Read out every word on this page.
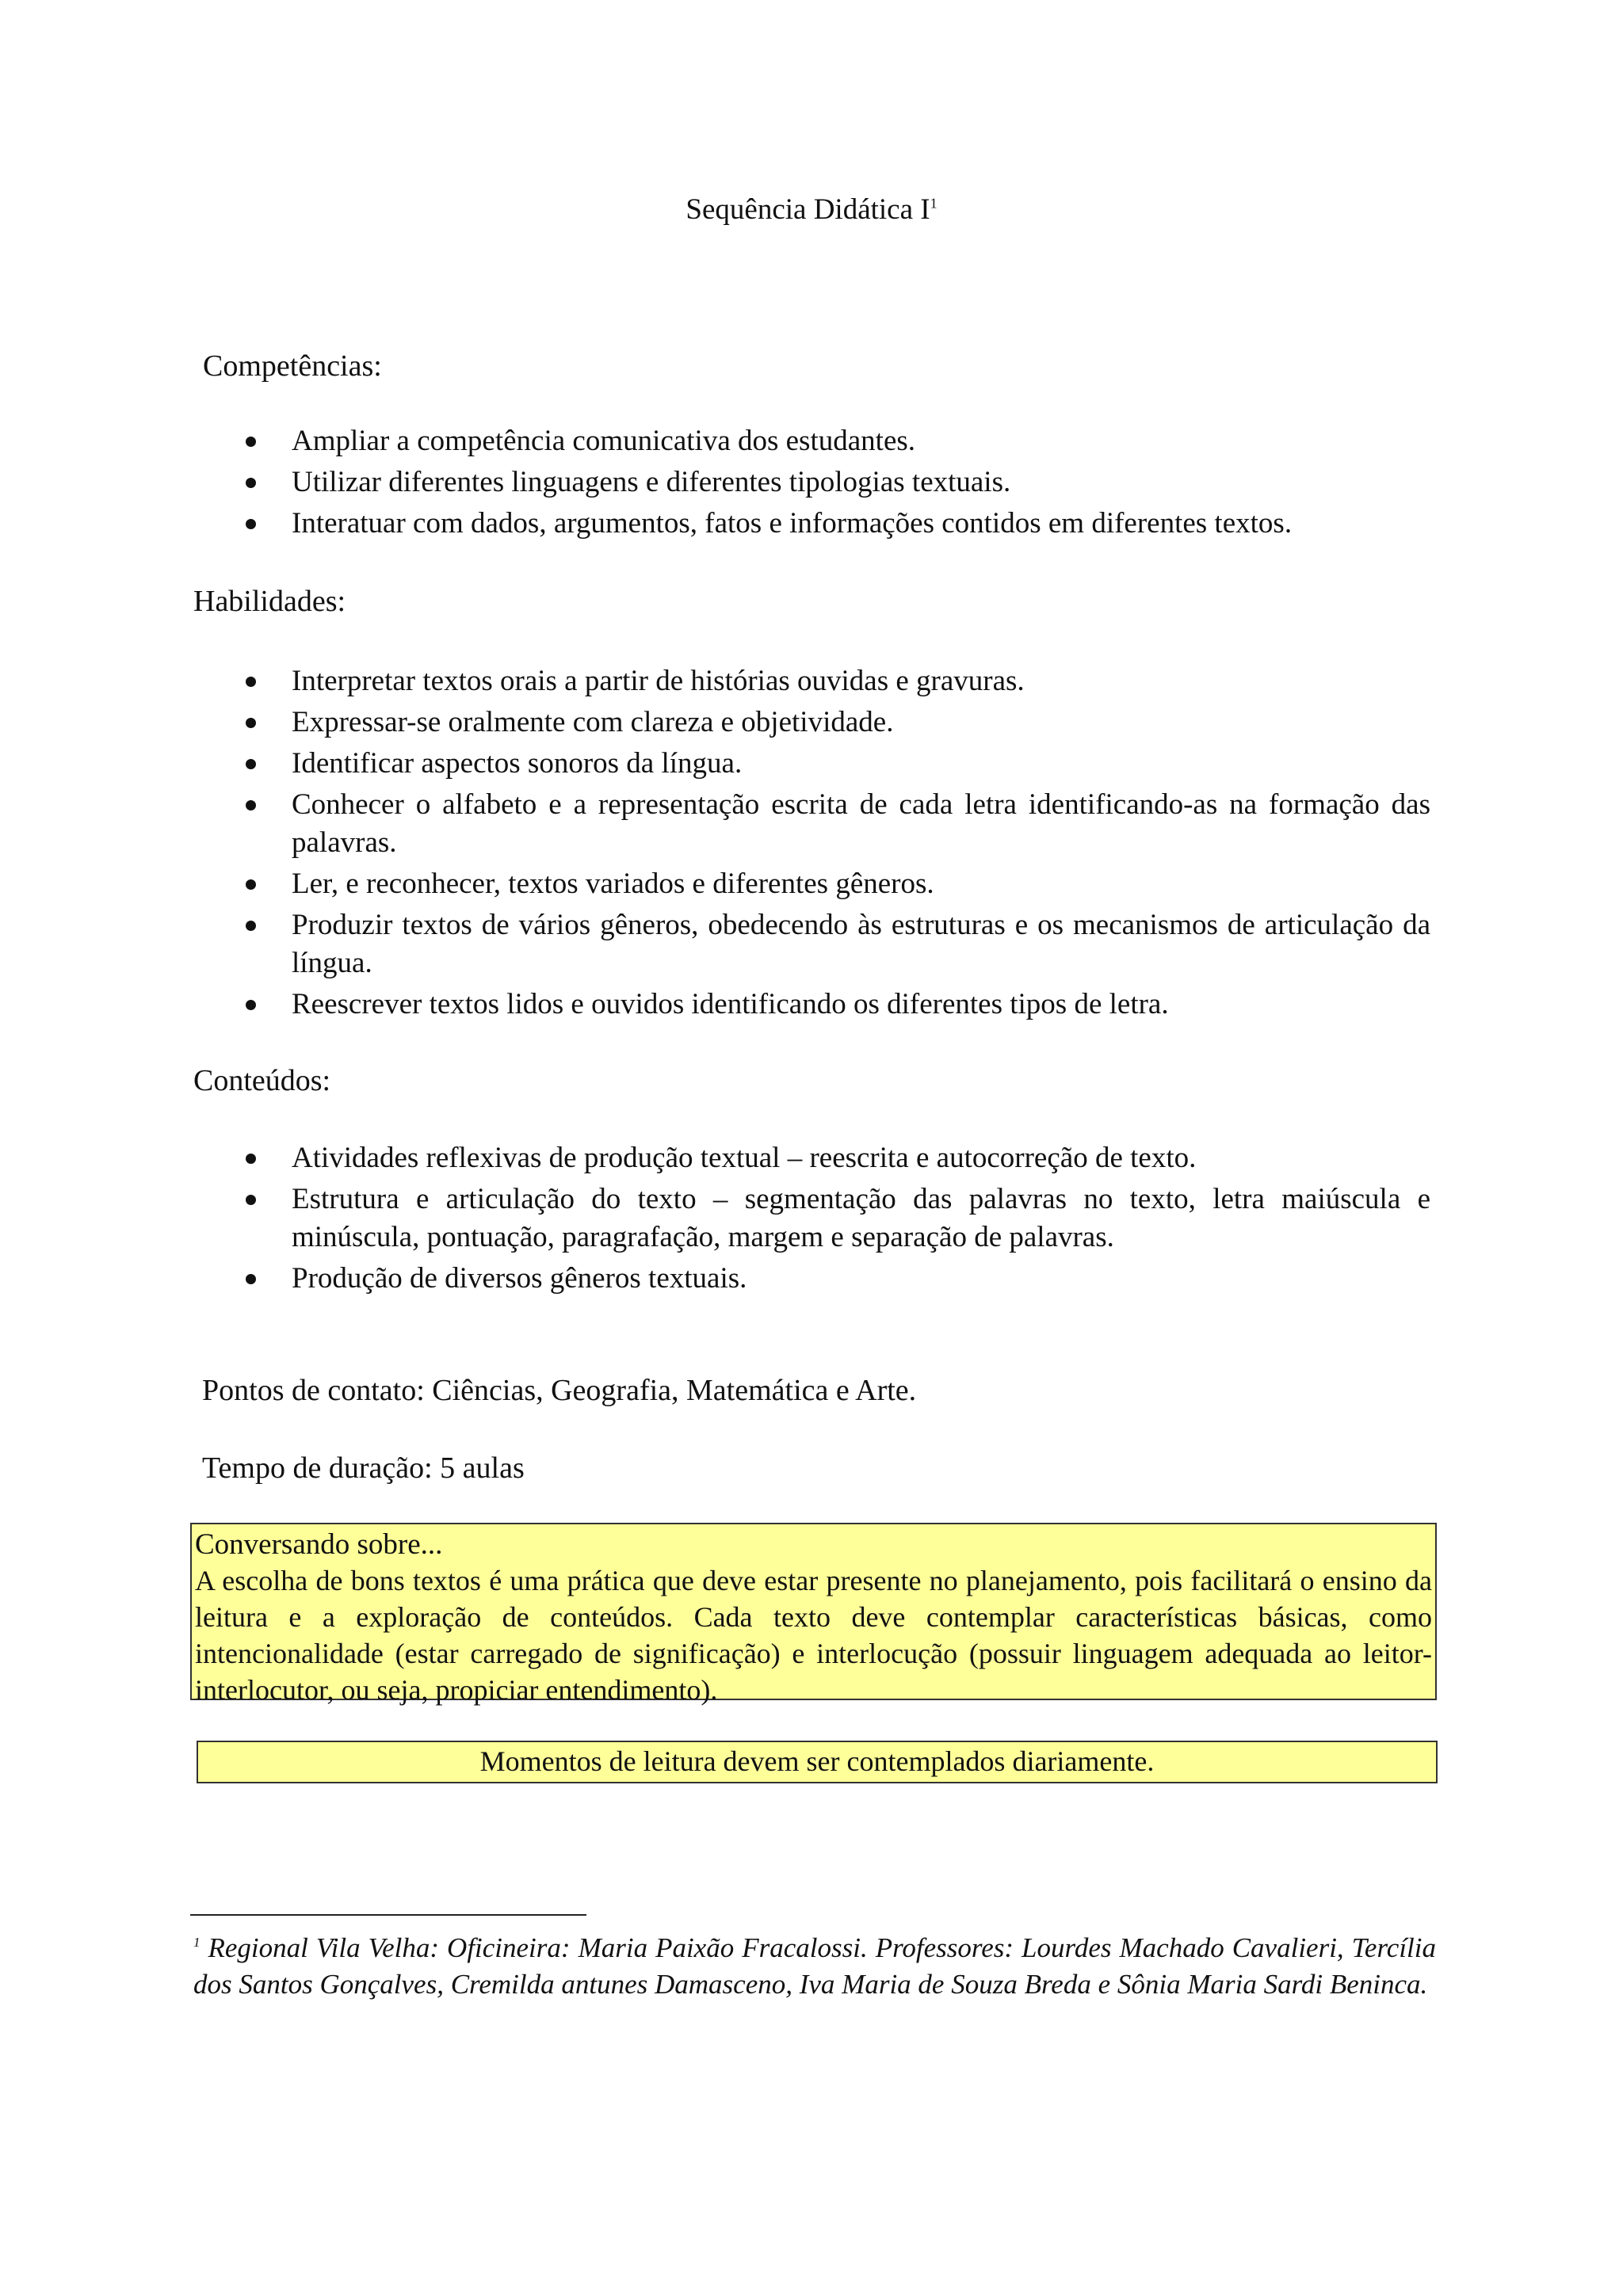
Sequência Didática $I^1$
Competências:
Ampliar a competência comunicativa dos estudantes.
Utilizar diferentes linguagens e diferentes tipologias textuais.
Interatuar com dados, argumentos, fatos e informações contidos em diferentes textos.
Habilidades:
Interpretar textos orais a partir de histórias ouvidas e gravuras.
Expressar-se oralmente com clareza e objetividade.
Identificar aspectos sonoros da língua.
Conhecer o alfabeto e a representação escrita de cada letra identificando-as na formação das palavras.
Ler, e reconhecer, textos variados e diferentes gêneros.
Produzir textos de vários gêneros, obedecendo às estruturas e os mecanismos de articulação da língua.
Reescrever textos lidos e ouvidos identificando os diferentes tipos de letra.
Conteúdos:
Atividades reflexivas de produção textual – reescrita e autocorreção de texto.
Estrutura e articulação do texto – segmentação das palavras no texto, letra maiúscula e minúscula, pontuação, paragrafação, margem e separação de palavras.
Produção de diversos gêneros textuais.
Pontos de contato: Ciências, Geografia, Matemática e Arte.
Tempo de duração: 5 aulas
Conversando sobre...
A escolha de bons textos é uma prática que deve estar presente no planejamento, pois facilitará o ensino da leitura e a exploração de conteúdos. Cada texto deve contemplar características básicas, como intencionalidade (estar carregado de significação) e interlocução (possuir linguagem adequada ao leitor-interlocutor, ou seja, propiciar entendimento).
Momentos de leitura devem ser contemplados diariamente.
$^1$ Regional Vila Velha: Oficineira: Maria Paixão Fracalossi. Professores: Lourdes Machado Cavalieri, Tercília dos Santos Gonçalves, Cremilda antunes Damasceno, Iva Maria de Souza Breda e Sônia Maria Sardi Beninca.
